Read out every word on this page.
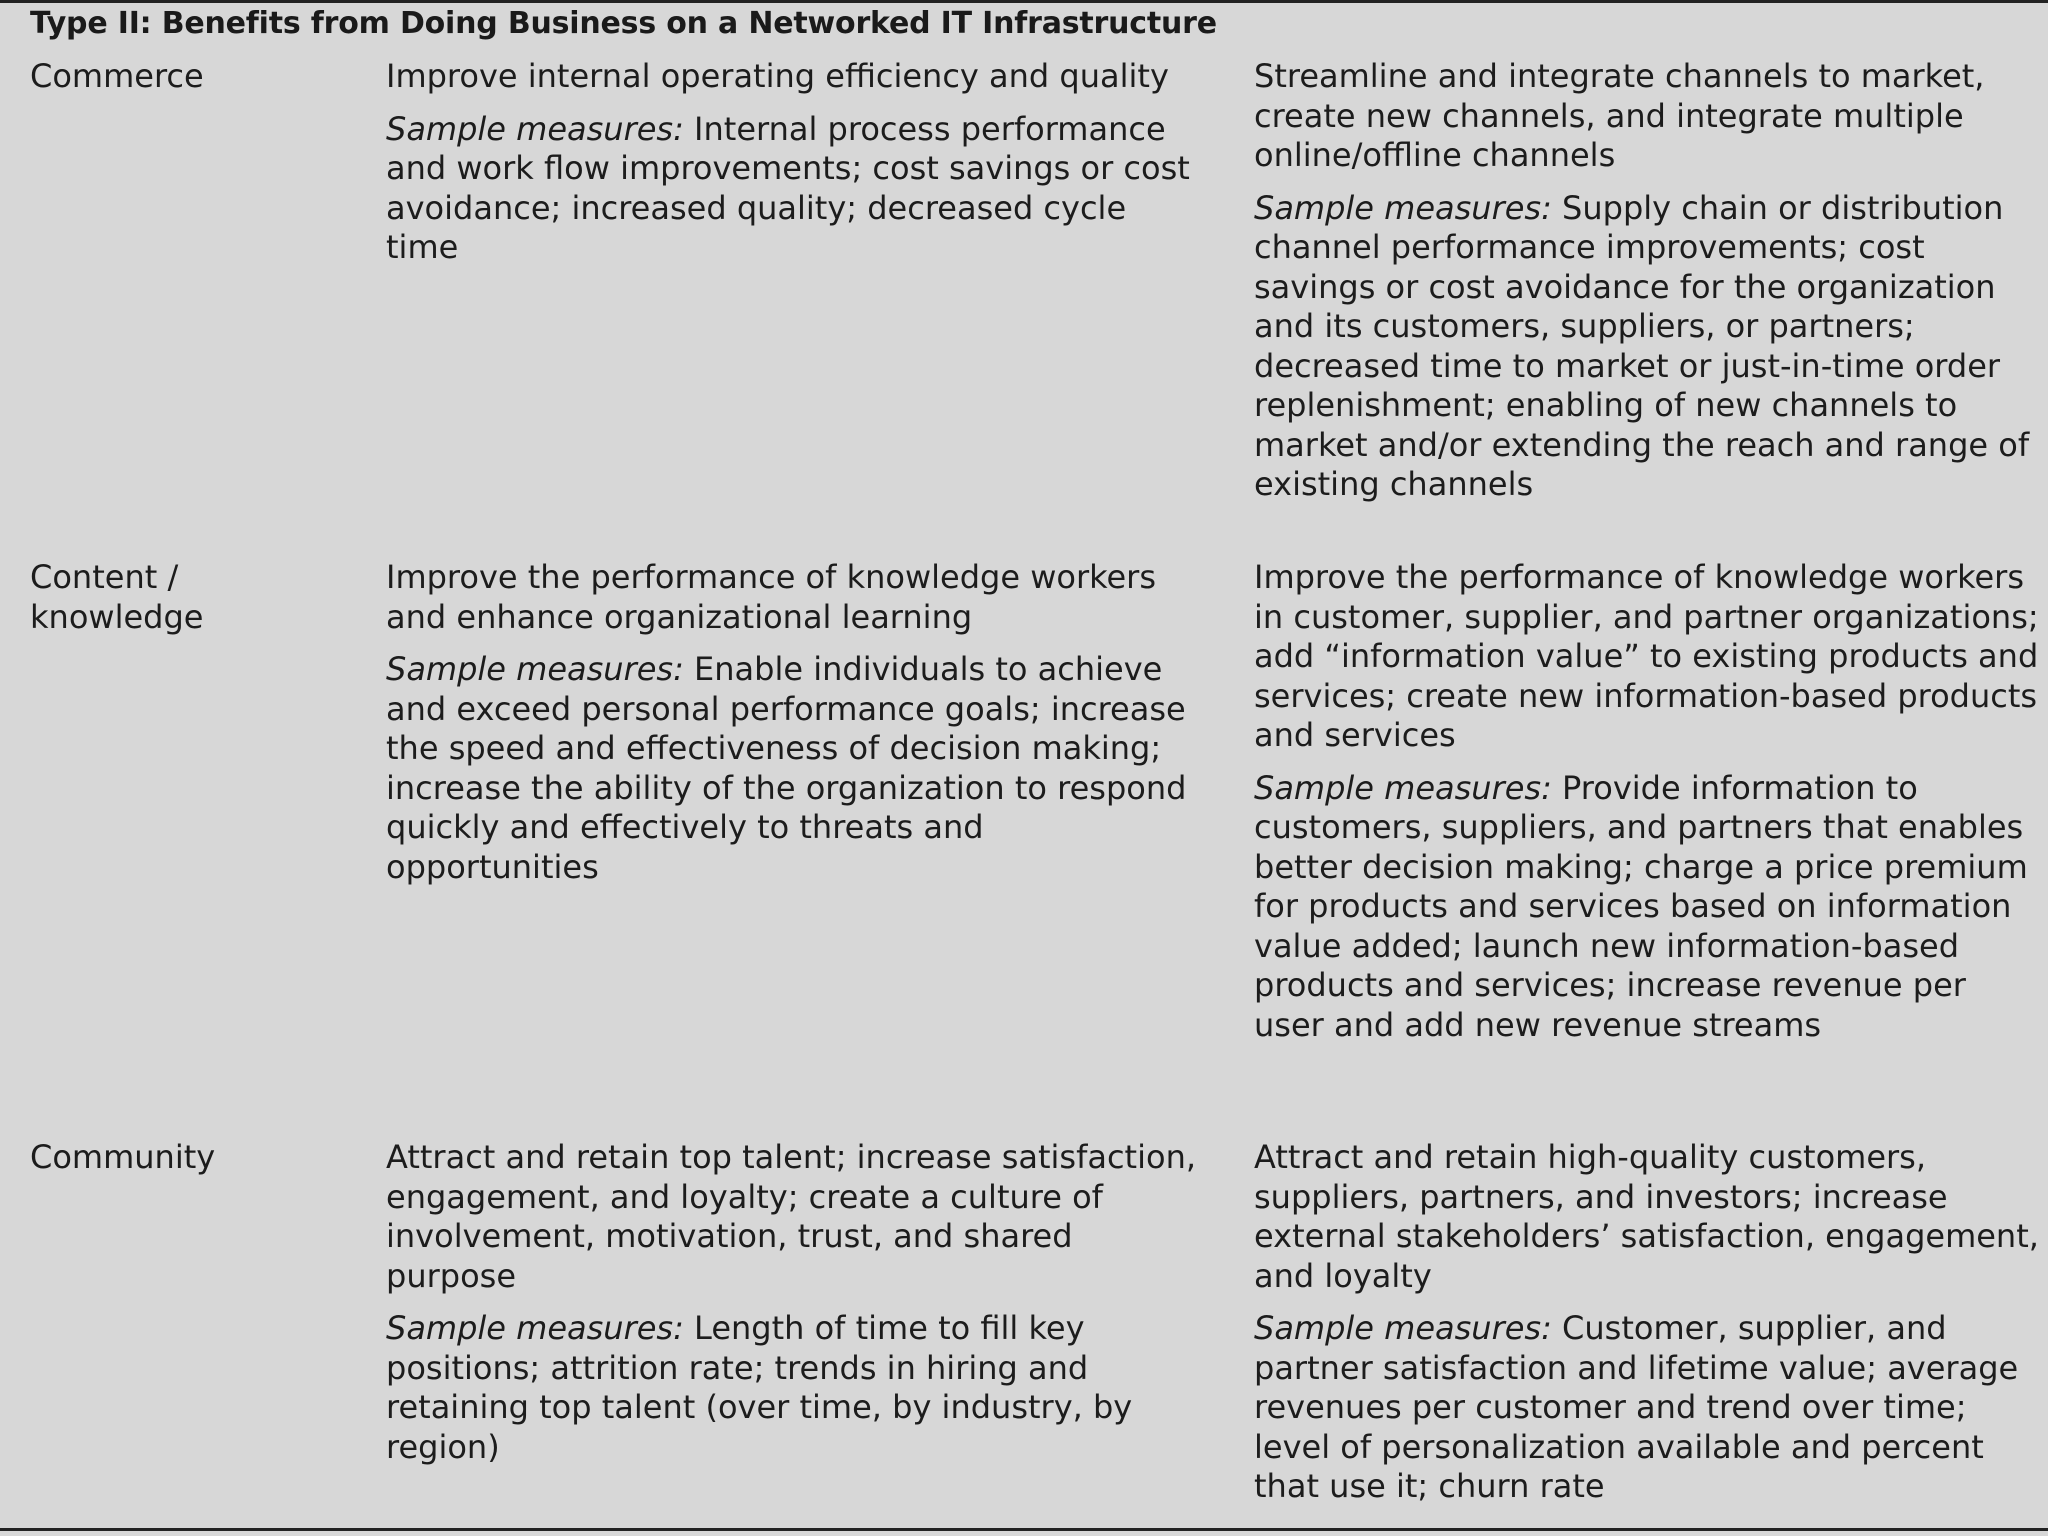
Type II: Benefits from Doing Business on a Networked IT Infrastructure
Commerce	Improve internal operating efficiency and quality

Sample measures: Internal process performance and work flow improvements; cost savings or cost avoidance; increased quality; decreased cycle time

Streamline and integrate channels to market, create new channels, and integrate multiple online/offline channels

Sample measures: Supply chain or distribution channel performance improvements; cost savings or cost avoidance for the organization and its customers, suppliers, or partners; decreased time to market or just-in-time order replenishment; enabling of new channels to market and/or extending the reach and range of existing channels

Content / knowledge

Improve the performance of knowledge workers and enhance organizational learning

Sample measures: Enable individuals to achieve and exceed personal performance goals; increase the speed and effectiveness of decision making; increase the ability of the organization to respond quickly and effectively to threats and opportunities

Improve the performance of knowledge workers in customer, supplier, and partner organizations; add “information value” to existing products and services; create new information-based products and services

Sample measures: Provide information to customers, suppliers, and partners that enables better decision making; charge a price premium for products and services based on information value added; launch new information-based products and services; increase revenue per user and add new revenue streams

Community	Attract and retain top talent; increase satisfaction, engagement, and loyalty; create a culture of involvement, motivation, trust, and shared purpose

Sample measures: Length of time to fill key positions; attrition rate; trends in hiring and retaining top talent (over time, by industry, by region)

Attract and retain high-quality customers, suppliers, partners, and investors; increase external stakeholders’ satisfaction, engagement, and loyalty

Sample measures: Customer, supplier, and partner satisfaction and lifetime value; average revenues per customer and trend over time; level of personalization available and percent that use it; churn rate
